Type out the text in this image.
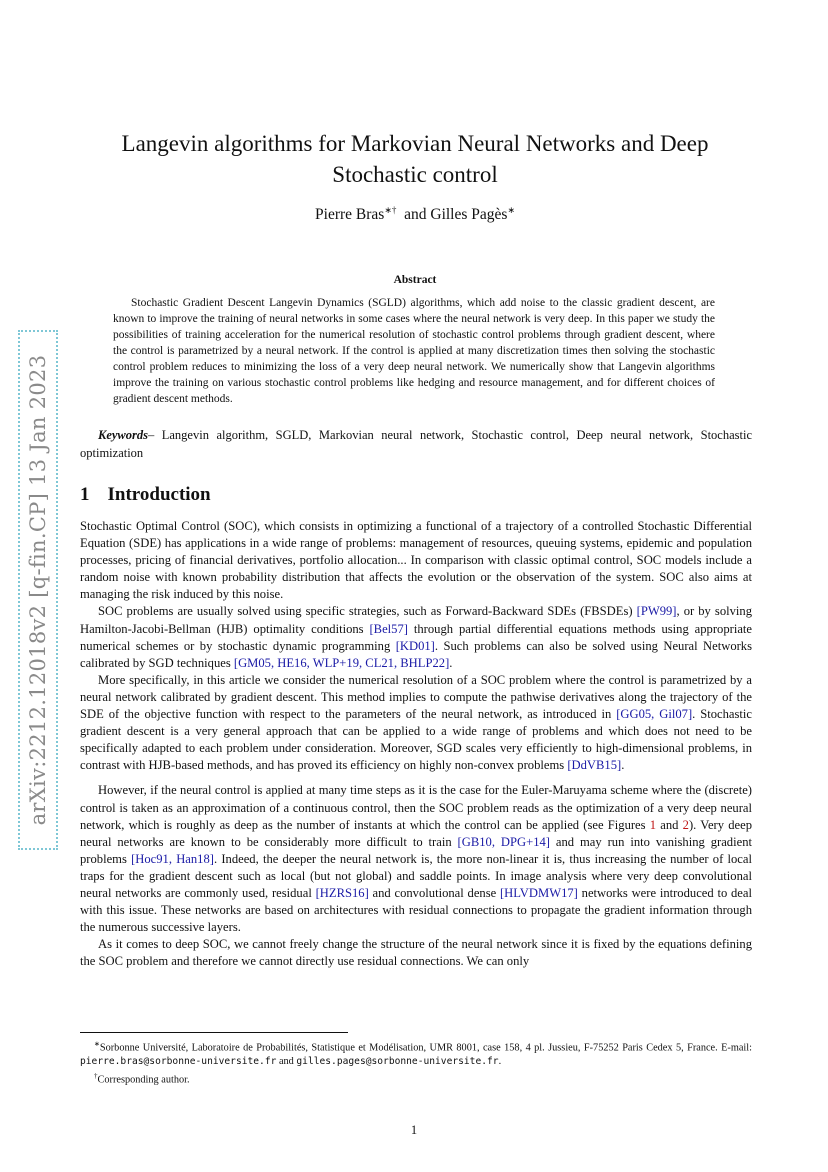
arXiv:2212.12018v2 [q-fin.CP] 13 Jan 2023
Langevin algorithms for Markovian Neural Networks and Deep
Stochastic control
Pierre Bras∗† and Gilles Pagès∗
Abstract
Stochastic Gradient Descent Langevin Dynamics (SGLD) algorithms, which add noise to the classic gradient descent, are known to improve the training of neural networks in some cases where the neural network is very deep. In this paper we study the possibilities of training acceleration for the numerical resolution of stochastic control problems through gradient descent, where the control is parametrized by a neural network. If the control is applied at many discretization times then solving the stochastic control problem reduces to minimizing the loss of a very deep neural network. We numerically show that Langevin algorithms improve the training on various stochastic control problems like hedging and resource management, and for different choices of gradient descent methods.
Keywords– Langevin algorithm, SGLD, Markovian neural network, Stochastic control, Deep neural network, Stochastic optimization
1 Introduction

Stochastic Optimal Control (SOC), which consists in optimizing a functional of a trajectory of a controlled Stochastic Differential Equation (SDE) has applications in a wide range of problems: management of resources, queuing systems, epidemic and population processes, pricing of financial derivatives, portfolio allocation... In comparison with classic optimal control, SOC models include a random noise with known probability distribution that affects the evolution or the observation of the system. SOC also aims at managing the risk induced by this noise.

SOC problems are usually solved using specific strategies, such as Forward-Backward SDEs (FBSDEs) [PW99], or by solving Hamilton-Jacobi-Bellman (HJB) optimality conditions [Bel57] through partial differential equations methods using appropriate numerical schemes or by stochastic dynamic programming [KD01]. Such problems can also be solved using Neural Networks calibrated by SGD techniques [GM05, HE16, WLP+19, CL21, BHLP22].

More specifically, in this article we consider the numerical resolution of a SOC problem where the control is parametrized by a neural network calibrated by gradient descent. This method implies to compute the pathwise derivatives along the trajectory of the SDE of the objective function with respect to the parameters of the neural network, as introduced in [GG05, Gil07]. Stochastic gradient descent is a very general approach that can be applied to a wide range of problems and which does not need to be specifically adapted to each problem under consideration. Moreover, SGD scales very efficiently to high-dimensional problems, in contrast with HJB-based methods, and has proved its efficiency on highly non-convex problems [DdVB15].

However, if the neural control is applied at many time steps as it is the case for the Euler-Maruyama scheme where the (discrete) control is taken as an approximation of a continuous control, then the SOC problem reads as the optimization of a very deep neural network, which is roughly as deep as the number of instants at which the control can be applied (see Figures 1 and 2). Very deep neural networks are known to be considerably more difficult to train [GB10, DPG+14] and may run into vanishing gradient problems [Hoc91, Han18]. Indeed, the deeper the neural network is, the more non-linear it is, thus increasing the number of local traps for the gradient descent such as local (but not global) and saddle points. In image analysis where very deep convolutional neural networks are commonly used, residual [HZRS16] and convolutional dense [HLVDMW17] networks were introduced to deal with this issue. These networks are based on architectures with residual connections to propagate the gradient information through the numerous successive layers.

As it comes to deep SOC, we cannot freely change the structure of the neural network since it is fixed by the equations defining the SOC problem and therefore we cannot directly use residual connections. We can only

∗Sorbonne Université, Laboratoire de Probabilités, Statistique et Modélisation, UMR 8001, case 158, 4 pl. Jussieu, F-75252 Paris Cedex 5, France. E-mail: pierre.bras@sorbonne-universite.fr and gilles.pages@sorbonne-universite.fr.

†Corresponding author.

1
